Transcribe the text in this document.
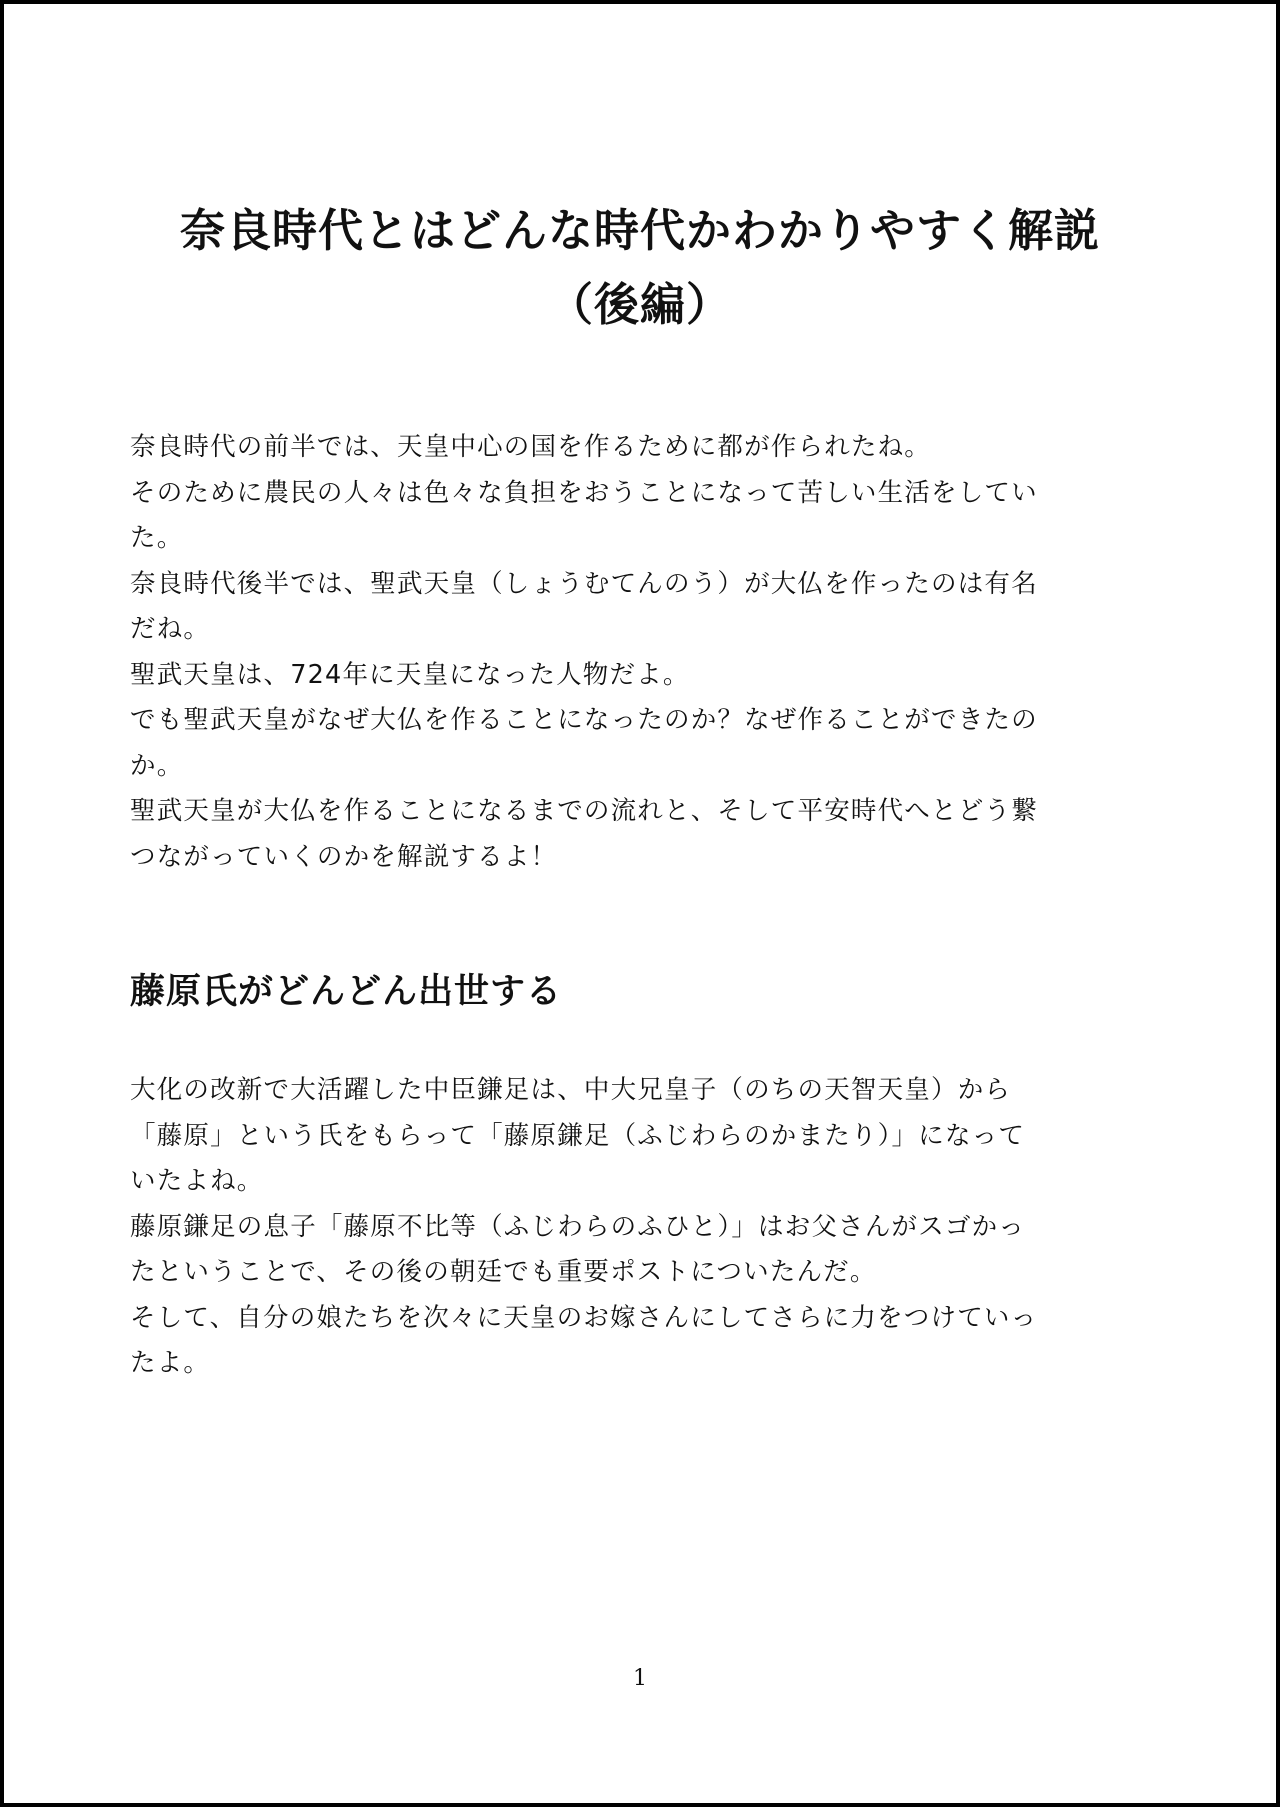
奈良時代とはどんな時代かわかりやすく解説
（後編）

奈良時代の前半では、天皇中心の国を作るために都が作られたね。
そのために農民の人々は色々な負担をおうことになって苦しい生活をしてい
た。
奈良時代後半では、聖武天皇（しょうむてんのう）が大仏を作ったのは有名
だね。
聖武天皇は、724年に天皇になった人物だよ。
でも聖武天皇がなぜ大仏を作ることになったのか？なぜ作ることができたの
か。
聖武天皇が大仏を作ることになるまでの流れと、そして平安時代へとどう繋
つながっていくのかを解説するよ！

藤原氏がどんどん出世する

大化の改新で大活躍した中臣鎌足は、中大兄皇子（のちの天智天皇）から
「藤原」という氏をもらって「藤原鎌足（ふじわらのかまたり）」になって
いたよね。
藤原鎌足の息子「藤原不比等（ふじわらのふひと）」はお父さんがスゴかっ
たということで、その後の朝廷でも重要ポストについたんだ。
そして、自分の娘たちを次々に天皇のお嫁さんにしてさらに力をつけていっ
たよ。

1
